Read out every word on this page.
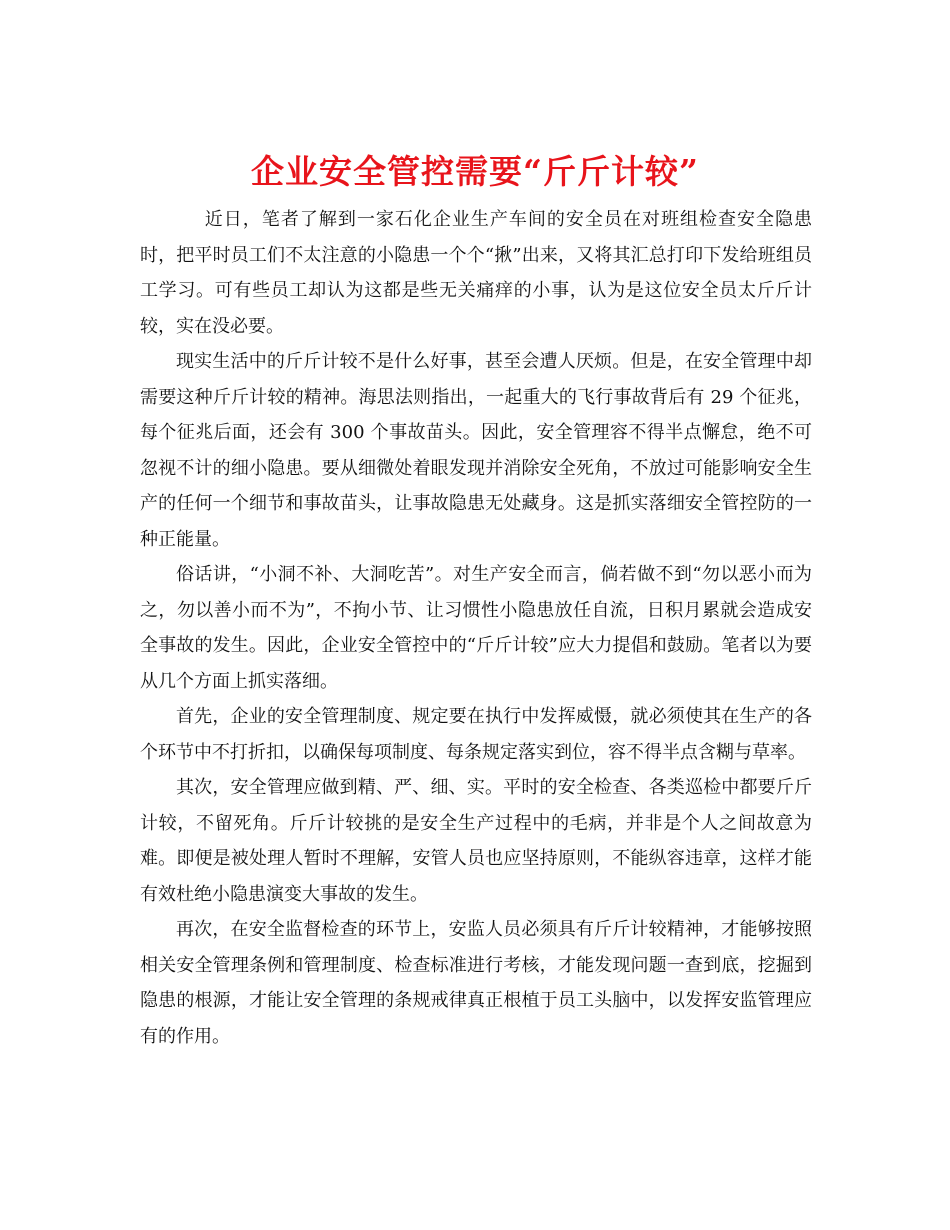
企业安全管控需要“斤斤计较”

近日，笔者了解到一家石化企业生产车间的安全员在对班组检查安全隐患时，把平时员工们不太注意的小隐患一个个“揪”出来，又将其汇总打印下发给班组员工学习。可有些员工却认为这都是些无关痛痒的小事，认为是这位安全员太斤斤计较，实在没必要。

现实生活中的斤斤计较不是什么好事，甚至会遭人厌烦。但是，在安全管理中却需要这种斤斤计较的精神。海思法则指出，一起重大的飞行事故背后有 29 个征兆，每个征兆后面，还会有 300 个事故苗头。因此，安全管理容不得半点懈怠，绝不可忽视不计的细小隐患。要从细微处着眼发现并消除安全死角，不放过可能影响安全生产的任何一个细节和事故苗头，让事故隐患无处藏身。这是抓实落细安全管控防的一种正能量。

俗话讲，“小洞不补、大洞吃苦”。对生产安全而言，倘若做不到“勿以恶小而为之，勿以善小而不为”，不拘小节、让习惯性小隐患放任自流，日积月累就会造成安全事故的发生。因此，企业安全管控中的“斤斤计较”应大力提倡和鼓励。笔者以为要从几个方面上抓实落细。

首先，企业的安全管理制度、规定要在执行中发挥威慑，就必须使其在生产的各个环节中不打折扣，以确保每项制度、每条规定落实到位，容不得半点含糊与草率。

其次，安全管理应做到精、严、细、实。平时的安全检查、各类巡检中都要斤斤计较，不留死角。斤斤计较挑的是安全生产过程中的毛病，并非是个人之间故意为难。即便是被处理人暂时不理解，安管人员也应坚持原则，不能纵容违章，这样才能有效杜绝小隐患演变大事故的发生。

再次，在安全监督检查的环节上，安监人员必须具有斤斤计较精神，才能够按照相关安全管理条例和管理制度、检查标准进行考核，才能发现问题一查到底，挖掘到隐患的根源，才能让安全管理的条规戒律真正根植于员工头脑中，以发挥安监管理应有的作用。
